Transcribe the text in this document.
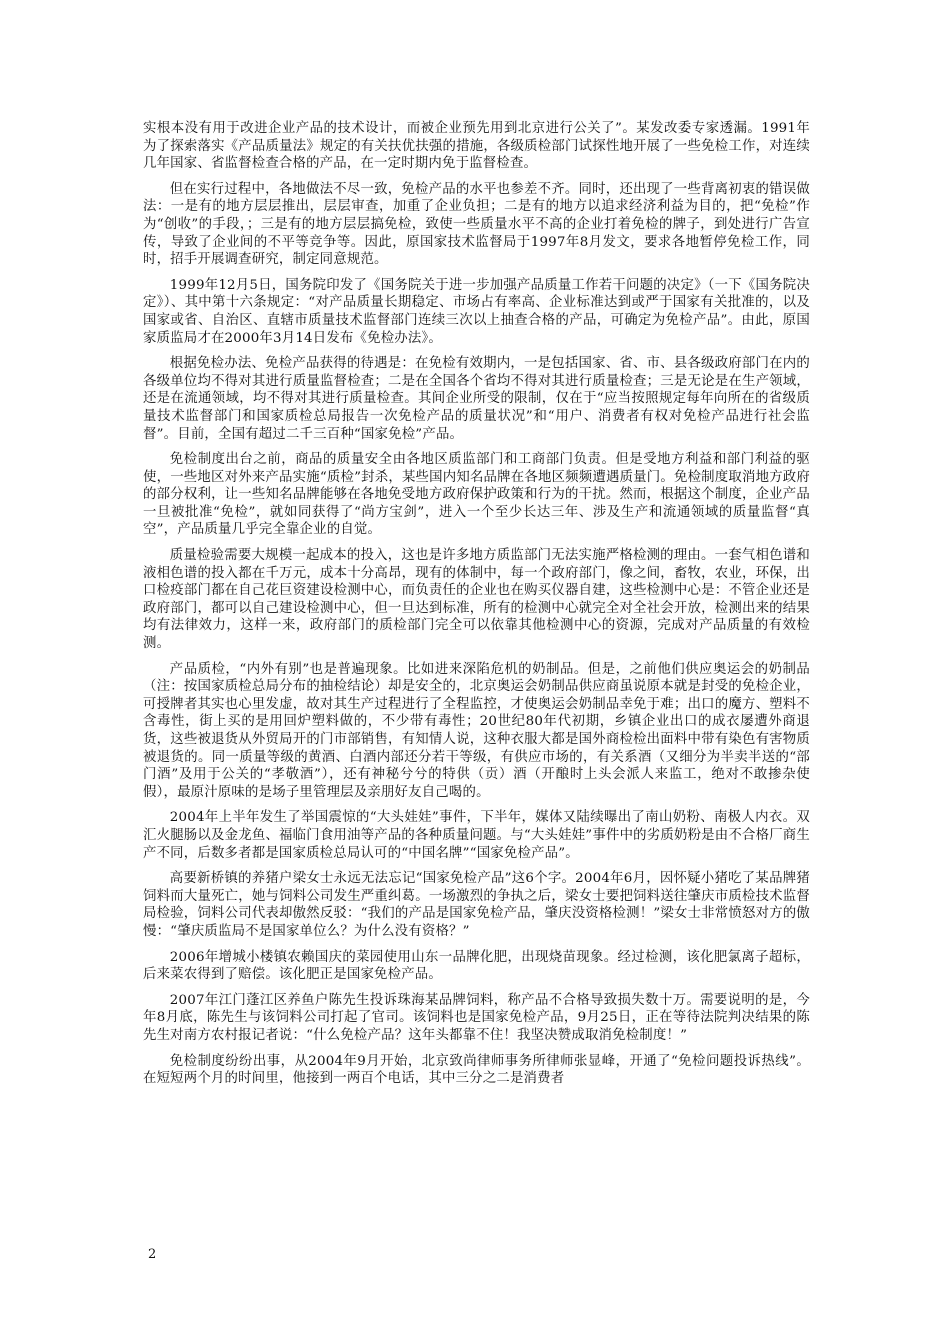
实根本没有用于改进企业产品的技术设计，而被企业预先用到北京进行公关了”。某发改委专家透漏。1991年为了探索落实《产品质量法》规定的有关扶优扶强的措施，各级质检部门试探性地开展了一些免检工作，对连续几年国家、省监督检查合格的产品，在一定时期内免于监督检查。

但在实行过程中，各地做法不尽一致，免检产品的水平也参差不齐。同时，还出现了一些背离初衷的错误做法：一是有的地方层层推出，层层审查，加重了企业负担；二是有的地方以追求经济利益为目的，把“免检”作为“创收”的手段，；三是有的地方层层搞免检，致使一些质量水平不高的企业打着免检的牌子，到处进行广告宣传，导致了企业间的不平等竞争等。因此，原国家技术监督局于1997年8月发文，要求各地暂停免检工作，同时，招手开展调查研究，制定同意规范。

1999年12月5日，国务院印发了《国务院关于进一步加强产品质量工作若干问题的决定》（一下《国务院决定》）、其中第十六条规定：“对产品质量长期稳定、市场占有率高、企业标准达到或严于国家有关批准的，以及国家或省、自治区、直辖市质量技术监督部门连续三次以上抽查合格的产品，可确定为免检产品”。由此，原国家质监局才在2000年3月14日发布《免检办法》。

根据免检办法、免检产品获得的待遇是：在免检有效期内，一是包括国家、省、市、县各级政府部门在内的各级单位均不得对其进行质量监督检查；二是在全国各个省均不得对其进行质量检查；三是无论是在生产领域，还是在流通领域，均不得对其进行质量检查。其间企业所受的限制，仅在于“应当按照规定每年向所在的省级质量技术监督部门和国家质检总局报告一次免检产品的质量状况”和“用户、消费者有权对免检产品进行社会监督”。目前，全国有超过二千三百种“国家免检”产品。

免检制度出台之前，商品的质量安全由各地区质监部门和工商部门负责。但是受地方利益和部门利益的驱使，一些地区对外来产品实施“质检”封杀，某些国内知名品牌在各地区频频遭遇质量门。免检制度取消地方政府的部分权利，让一些知名品牌能够在各地免受地方政府保护政策和行为的干扰。然而，根据这个制度，企业产品一旦被批准“免检”，就如同获得了“尚方宝剑”，进入一个至少长达三年、涉及生产和流通领域的质量监督“真空”，产品质量几乎完全靠企业的自觉。

质量检验需要大规模一起成本的投入，这也是许多地方质监部门无法实施严格检测的理由。一套气相色谱和液相色谱的投入都在千万元，成本十分高昂，现有的体制中，每一个政府部门，像之间，畜牧，农业，环保，出口检疫部门都在自己花巨资建设检测中心，而负责任的企业也在购买仪器自建，这些检测中心是：不管企业还是政府部门，都可以自己建设检测中心，但一旦达到标准，所有的检测中心就完全对全社会开放，检测出来的结果均有法律效力，这样一来，政府部门的质检部门完全可以依靠其他检测中心的资源，完成对产品质量的有效检测。

产品质检，“内外有别”也是普遍现象。比如进来深陷危机的奶制品。但是，之前他们供应奥运会的奶制品（注：按国家质检总局分布的抽检结论）却是安全的，北京奥运会奶制品供应商虽说原本就是封受的免检企业，可授牌者其实也心里发虚，故对其生产过程进行了全程监控，才使奥运会奶制品幸免于难；出口的魔方、塑料不含毒性，街上买的是用回炉塑料做的，不少带有毒性；20世纪80年代初期，乡镇企业出口的成衣屡遭外商退货，这些被退货从外贸局开的门市部销售，有知情人说，这种衣服大都是国外商检检出面料中带有染色有害物质被退货的。同一质量等级的黄酒、白酒内部还分若干等级，有供应市场的，有关系酒（又细分为半卖半送的“部门酒”及用于公关的“孝敬酒”），还有神秘兮兮的特供（贡）酒（开酿时上头会派人来监工，绝对不敢掺杂使假），最原汁原味的是场子里管理层及亲朋好友自己喝的。

2004年上半年发生了举国震惊的“大头娃娃”事件，下半年，媒体又陆续曝出了南山奶粉、南极人内衣。双汇火腿肠以及金龙鱼、福临门食用油等产品的各种质量问题。与“大头娃娃”事件中的劣质奶粉是由不合格厂商生产不同，后数多者都是国家质检总局认可的“中国名牌”“国家免检产品”。

高要新桥镇的养猪户梁女士永远无法忘记“国家免检产品”这6个字。2004年6月，因怀疑小猪吃了某品牌猪饲料而大量死亡，她与饲料公司发生严重纠葛。一场激烈的争执之后，梁女士要把饲料送往肇庆市质检技术监督局检验，饲料公司代表却傲然反驳：“我们的产品是国家免检产品，肇庆没资格检测！”梁女士非常愤怒对方的傲慢：“肇庆质监局不是国家单位么？为什么没有资格？”

2006年增城小楼镇农赖国庆的菜园使用山东一品牌化肥，出现烧苗现象。经过检测，该化肥氯离子超标，后来菜农得到了赔偿。该化肥正是国家免检产品。

2007年江门蓬江区养鱼户陈先生投诉珠海某品牌饲料，称产品不合格导致损失数十万。需要说明的是，今年8月底，陈先生与该饲料公司打起了官司。该饲料也是国家免检产品，9月25日，正在等待法院判决结果的陈先生对南方农村报记者说：“什么免检产品？这年头都靠不住！我坚决赞成取消免检制度！”

免检制度纷纷出事，从2004年9月开始，北京致尚律师事务所律师张显峰，开通了“免检问题投诉热线”。在短短两个月的时间里，他接到一两百个电话，其中三分之二是消费者

2
